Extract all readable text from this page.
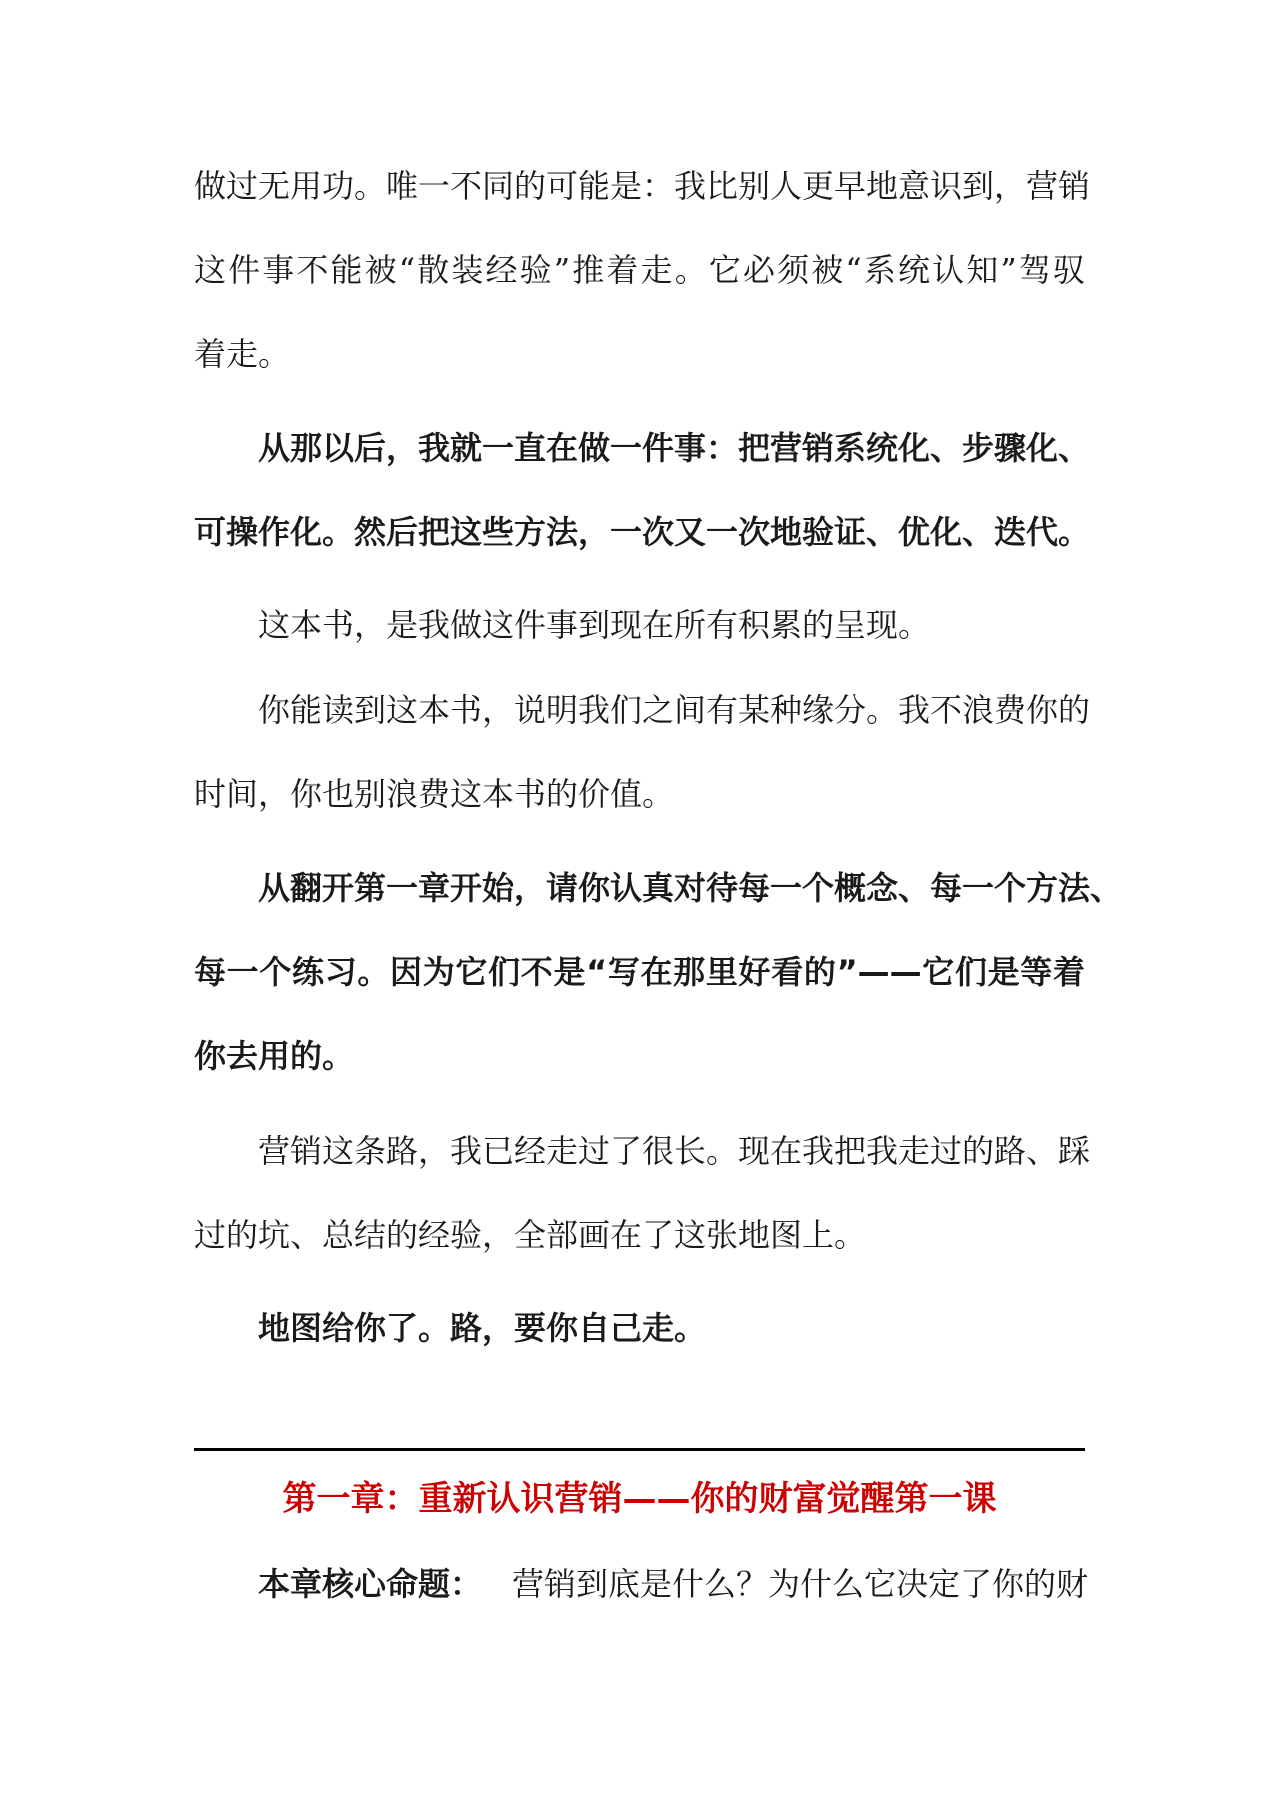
做过无用功。唯一不同的可能是：我比别人更早地意识到，营销
这件事不能被“散装经验”推着走。它必须被“系统认知”驾驭
着走。
从那以后，我就一直在做一件事：把营销系统化、步骤化、
可操作化。然后把这些方法，一次又一次地验证、优化、迭代。
这本书，是我做这件事到现在所有积累的呈现。
你能读到这本书，说明我们之间有某种缘分。我不浪费你的
时间，你也别浪费这本书的价值。
从翻开第一章开始，请你认真对待每一个概念、每一个方法、
每一个练习。因为它们不是“写在那里好看的”——它们是等着
你去用的。
营销这条路，我已经走过了很长。现在我把我走过的路、踩
过的坑、总结的经验，全部画在了这张地图上。
地图给你了。路，要你自己走。
第一章：重新认识营销——你的财富觉醒第一课
本章核心命题： 营销到底是什么？为什么它决定了你的财
